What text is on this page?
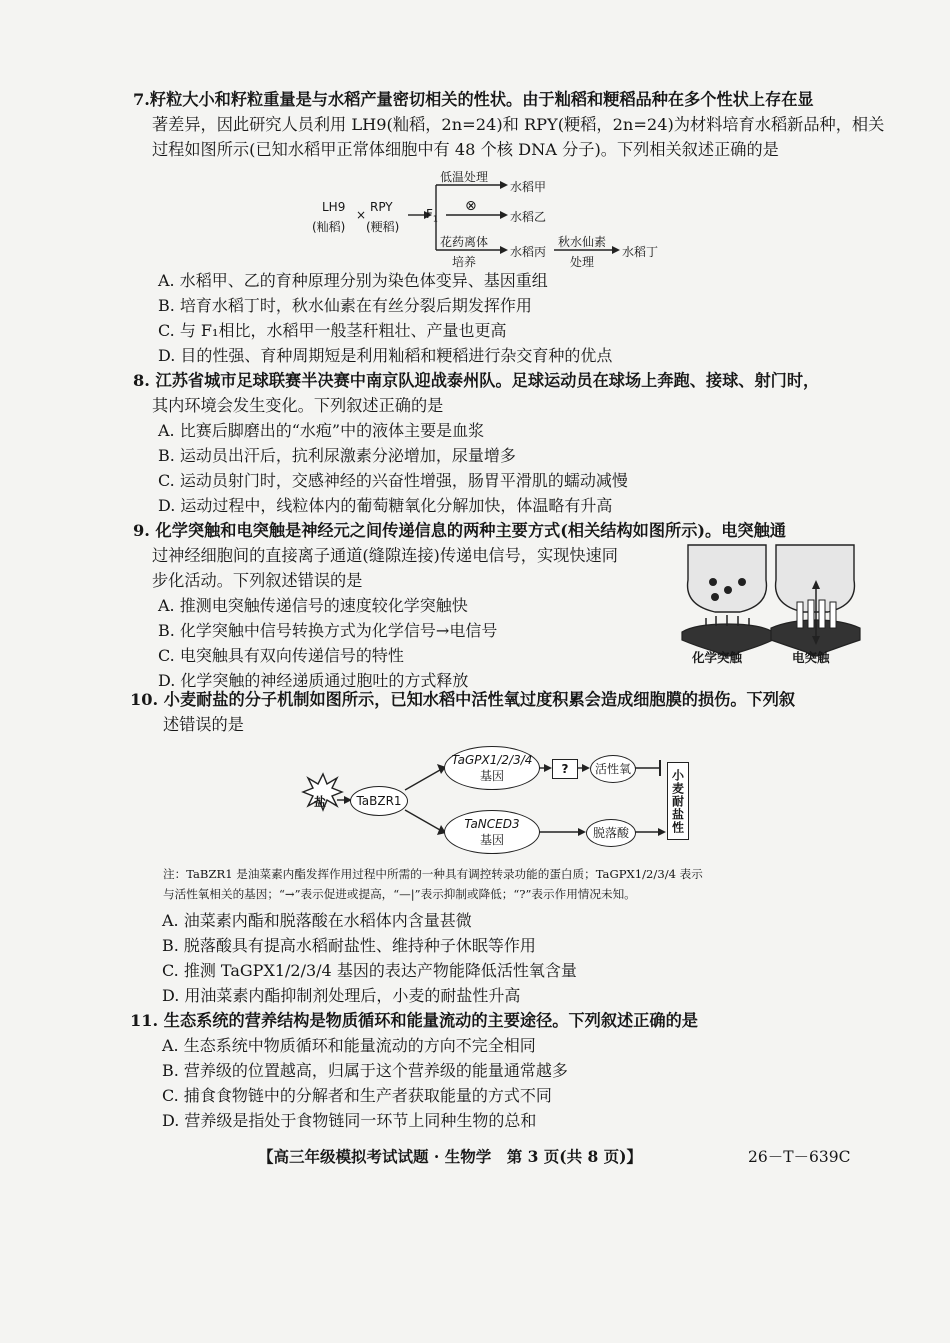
7.籽粒大小和籽粒重量是与水稻产量密切相关的性状。由于籼稻和粳稻品种在多个性状上存在显
著差异，因此研究人员利用 LH9(籼稻，2n=24)和 RPY(粳稻，2n=24)为材料培育水稻新品种，相关
过程如图所示(已知水稻甲正常体细胞中有 48 个核 DNA 分子)。下列相关叙述正确的是
LH9
(籼稻)
×
RPY
(粳稻)
$F_1$
低温处理
水稻甲
⊗
水稻乙
花药离体
培养
水稻丙
秋水仙素
处理
水稻丁
A. 水稻甲、乙的育种原理分别为染色体变异、基因重组
B. 培育水稻丁时，秋水仙素在有丝分裂后期发挥作用
C. 与 F₁相比，水稻甲一般茎秆粗壮、产量也更高
D. 目的性强、育种周期短是利用籼稻和粳稻进行杂交育种的优点
8. 江苏省城市足球联赛半决赛中南京队迎战泰州队。足球运动员在球场上奔跑、接球、射门时，
其内环境会发生变化。下列叙述正确的是
A. 比赛后脚磨出的“水疱”中的液体主要是血浆
B. 运动员出汗后，抗利尿激素分泌增加，尿量增多
C. 运动员射门时，交感神经的兴奋性增强，肠胃平滑肌的蠕动减慢
D. 运动过程中，线粒体内的葡萄糖氧化分解加快，体温略有升高
9. 化学突触和电突触是神经元之间传递信息的两种主要方式(相关结构如图所示)。电突触通
过神经细胞间的直接离子通道(缝隙连接)传递电信号，实现快速同
步化活动。下列叙述错误的是
A. 推测电突触传递信号的速度较化学突触快
B. 化学突触中信号转换方式为化学信号→电信号
C. 电突触具有双向传递信号的特性
D. 化学突触的神经递质通过胞吐的方式释放
化学突触	电突触
10. 小麦耐盐的分子机制如图所示，已知水稻中活性氧过度积累会造成细胞膜的损伤。下列叙
述错误的是
盐	TaBZR1
TaGPX1/2/3/4
基因
TaNCED3
基因
? 活性氧
脱落酸	小麦耐盐性
注：TaBZR1 是油菜素内酯发挥作用过程中所需的一种具有调控转录功能的蛋白质；TaGPX1/2/3/4 表示
与活性氧相关的基因；“→”表示促进或提高，“—|”表示抑制或降低；“?”表示作用情况未知。
A. 油菜素内酯和脱落酸在水稻体内含量甚微
B. 脱落酸具有提高水稻耐盐性、维持种子休眠等作用
C. 推测 TaGPX1/2/3/4 基因的表达产物能降低活性氧含量
D. 用油菜素内酯抑制剂处理后，小麦的耐盐性升高
11. 生态系统的营养结构是物质循环和能量流动的主要途径。下列叙述正确的是
A. 生态系统中物质循环和能量流动的方向不完全相同
B. 营养级的位置越高，归属于这个营养级的能量通常越多
C. 捕食食物链中的分解者和生产者获取能量的方式不同
D. 营养级是指处于食物链同一环节上同种生物的总和
【高三年级模拟考试试题 · 生物学　第 3 页(共 8 页)】	26－T－639C
